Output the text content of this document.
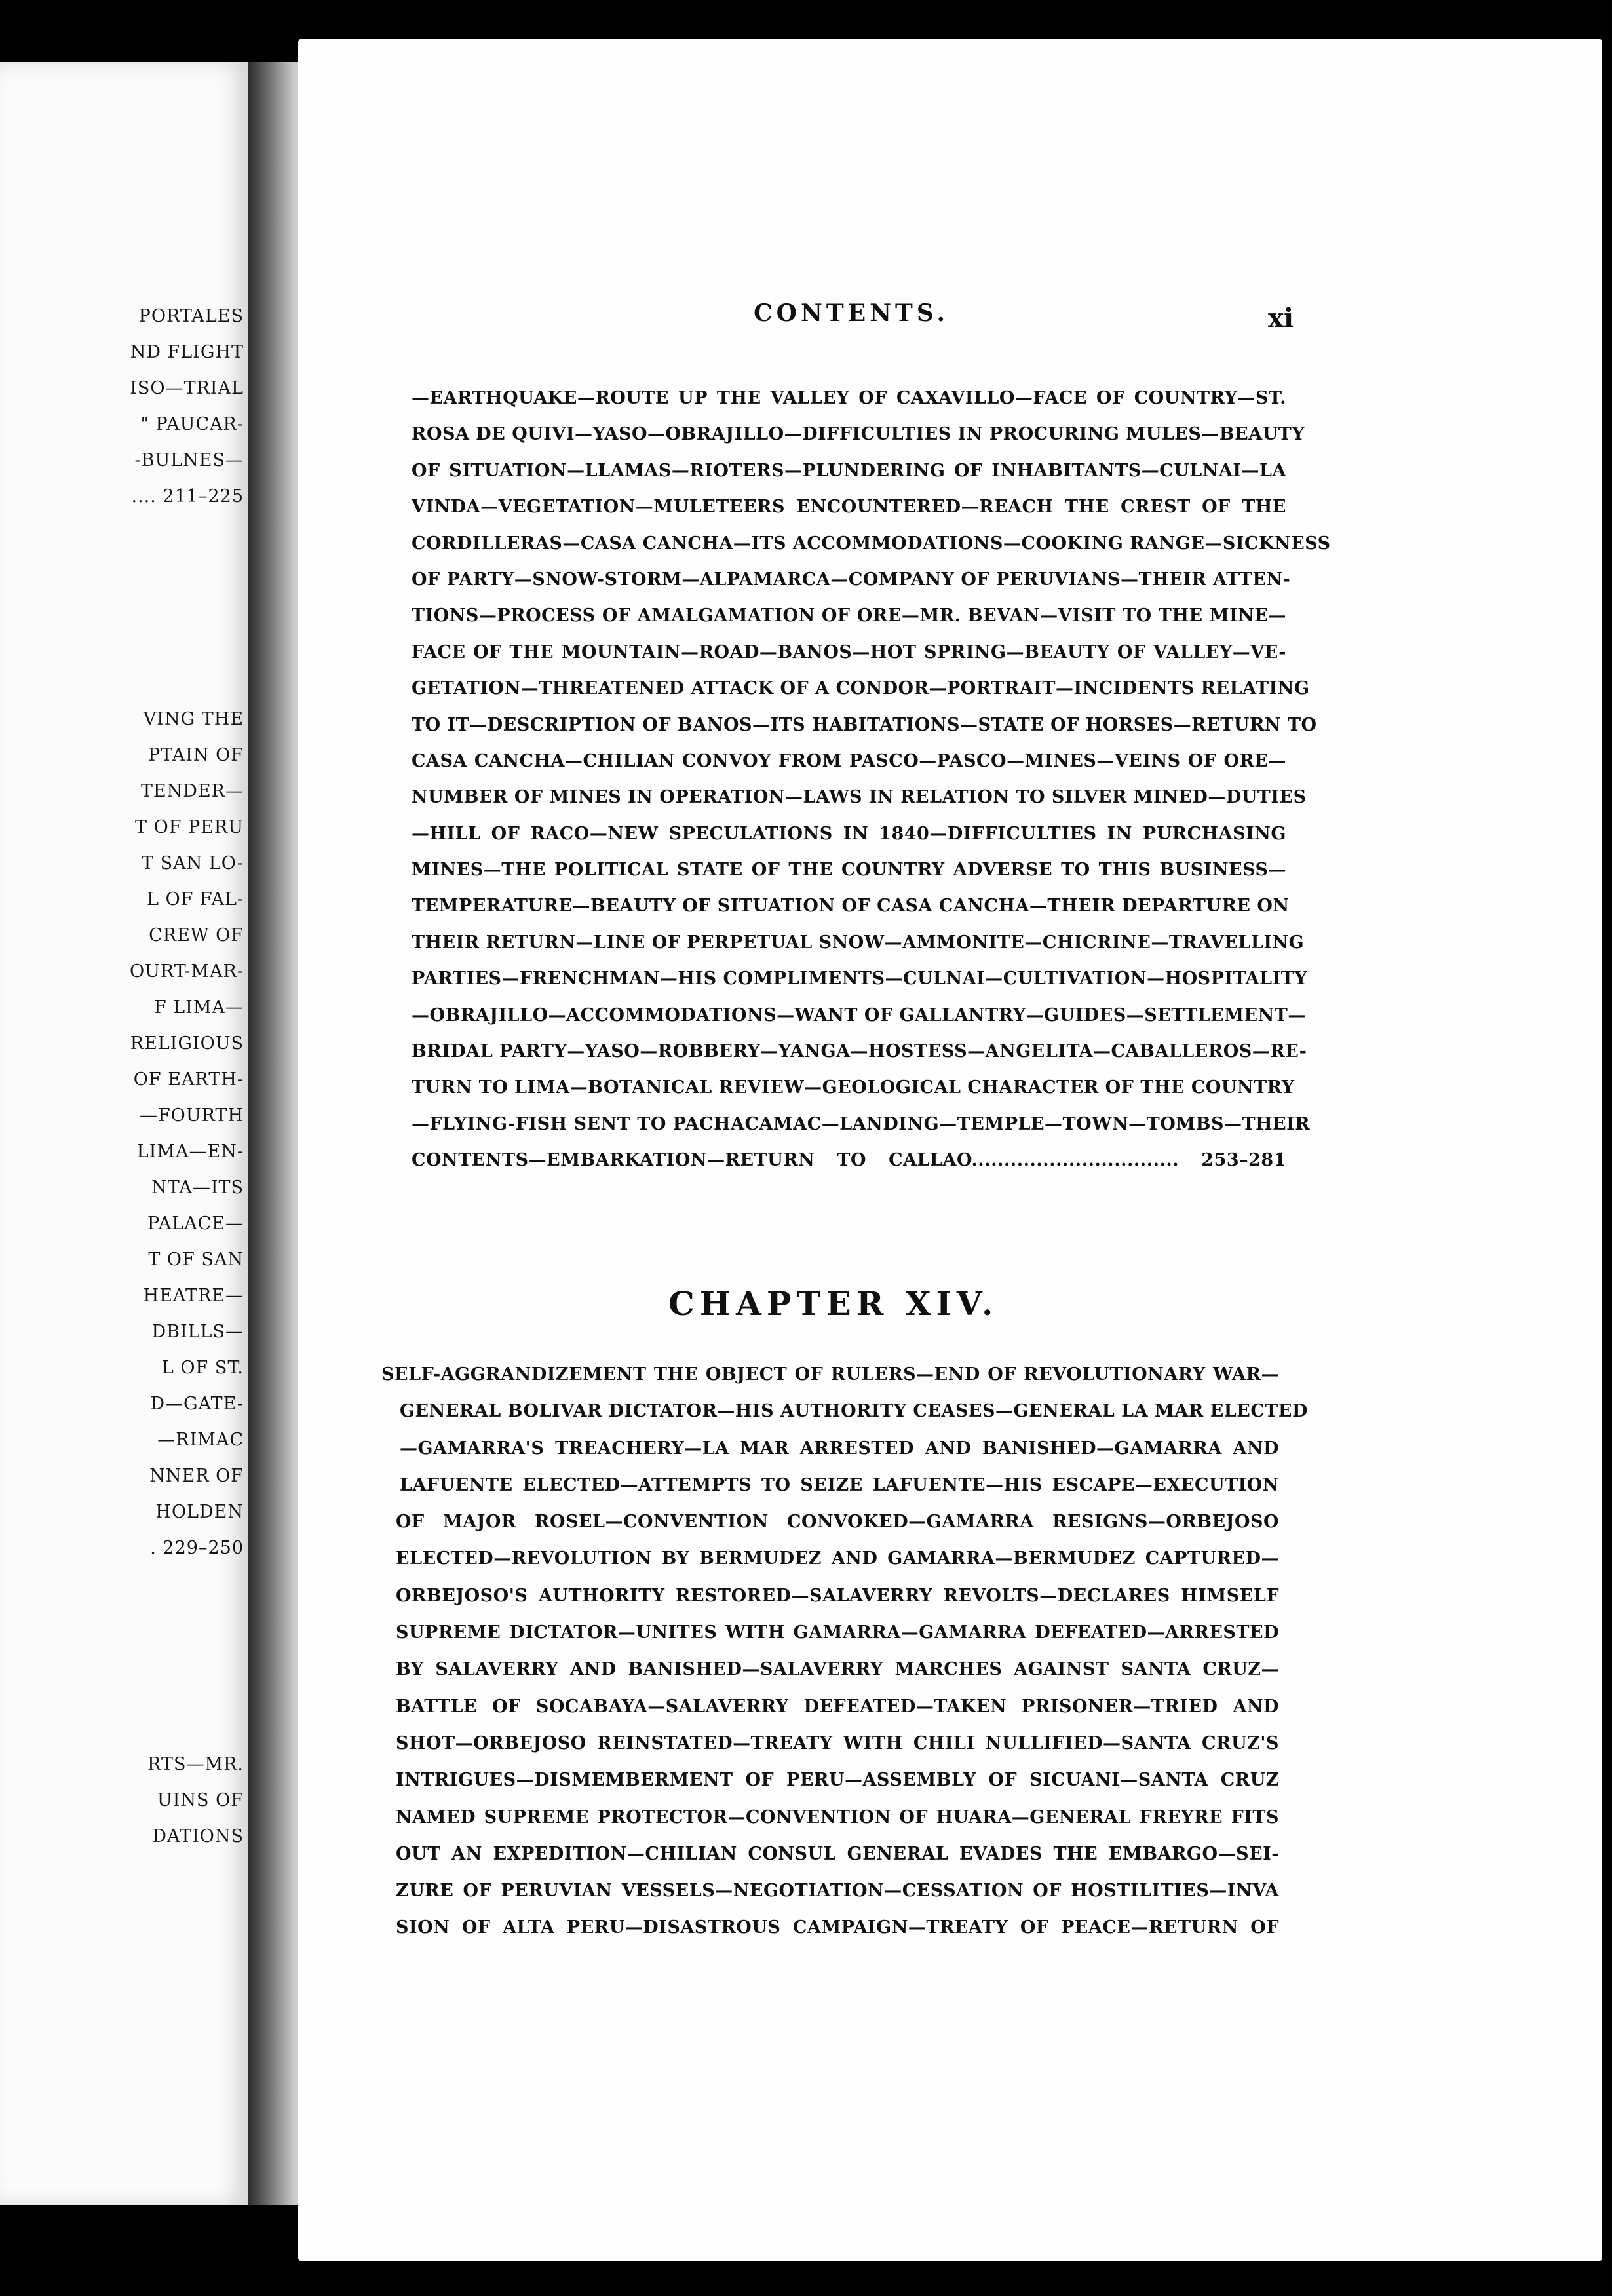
PORTALES

ND FLIGHT

ISO—TRIAL

" PAUCAR-

-BULNES—

.... 211–225

VING THE

PTAIN OF

TENDER—

T OF PERU

T SAN LO-

L OF FAL-

CREW OF

OURT-MAR-

F LIMA—

RELIGIOUS

OF EARTH-

—FOURTH

LIMA—EN-

NTA—ITS

PALACE—

T OF SAN

HEATRE—

DBILLS—

L OF ST.

D—GATE-

—RIMAC

NNER OF

HOLDEN

. 229–250

RTS—MR.

UINS OF

DATIONS

CONTENTS.	xi

—EARTHQUAKE—ROUTE UP THE VALLEY OF CAXAVILLO—FACE OF COUNTRY—ST.
ROSA DE QUIVI—YASO—OBRAJILLO—DIFFICULTIES IN PROCURING MULES—BEAUTY
OF SITUATION—LLAMAS—RIOTERS—PLUNDERING OF INHABITANTS—CULNAI—LA
VINDA—VEGETATION—MULETEERS ENCOUNTERED—REACH THE CREST OF THE
CORDILLERAS—CASA CANCHA—ITS ACCOMMODATIONS—COOKING RANGE—SICKNESS
OF PARTY—SNOW-STORM—ALPAMARCA—COMPANY OF PERUVIANS—THEIR ATTEN-
TIONS—PROCESS OF AMALGAMATION OF ORE—MR. BEVAN—VISIT TO THE MINE—
FACE OF THE MOUNTAIN—ROAD—BANOS—HOT SPRING—BEAUTY OF VALLEY—VE-
GETATION—THREATENED ATTACK OF A CONDOR—PORTRAIT—INCIDENTS RELATING
TO IT—DESCRIPTION OF BANOS—ITS HABITATIONS—STATE OF HORSES—RETURN TO
CASA CANCHA—CHILIAN CONVOY FROM PASCO—PASCO—MINES—VEINS OF ORE—
NUMBER OF MINES IN OPERATION—LAWS IN RELATION TO SILVER MINED—DUTIES
—HILL OF RACO—NEW SPECULATIONS IN 1840—DIFFICULTIES IN PURCHASING
MINES—THE POLITICAL STATE OF THE COUNTRY ADVERSE TO THIS BUSINESS—
TEMPERATURE—BEAUTY OF SITUATION OF CASA CANCHA—THEIR DEPARTURE ON
THEIR RETURN—LINE OF PERPETUAL SNOW—AMMONITE—CHICRINE—TRAVELLING
PARTIES—FRENCHMAN—HIS COMPLIMENTS—CULNAI—CULTIVATION—HOSPITALITY
—OBRAJILLO—ACCOMMODATIONS—WANT OF GALLANTRY—GUIDES—SETTLEMENT—
BRIDAL PARTY—YASO—ROBBERY—YANGA—HOSTESS—ANGELITA—CABALLEROS—RE-
TURN TO LIMA—BOTANICAL REVIEW—GEOLOGICAL CHARACTER OF THE COUNTRY
—FLYING-FISH SENT TO PACHACAMAC—LANDING—TEMPLE—TOWN—TOMBS—THEIR
CONTENTS—EMBARKATION—RETURN TO CALLAO................................ 253–281

CHAPTER XIV.

SELF-AGGRANDIZEMENT THE OBJECT OF RULERS—END OF REVOLUTIONARY WAR—
GENERAL BOLIVAR DICTATOR—HIS AUTHORITY CEASES—GENERAL LA MAR ELECTED
—GAMARRA'S TREACHERY—LA MAR ARRESTED AND BANISHED—GAMARRA AND
LAFUENTE ELECTED—ATTEMPTS TO SEIZE LAFUENTE—HIS ESCAPE—EXECUTION
OF MAJOR ROSEL—CONVENTION CONVOKED—GAMARRA RESIGNS—ORBEJOSO
ELECTED—REVOLUTION BY BERMUDEZ AND GAMARRA—BERMUDEZ CAPTURED—
ORBEJOSO'S AUTHORITY RESTORED—SALAVERRY REVOLTS—DECLARES HIMSELF
SUPREME DICTATOR—UNITES WITH GAMARRA—GAMARRA DEFEATED—ARRESTED
BY SALAVERRY AND BANISHED—SALAVERRY MARCHES AGAINST SANTA CRUZ—
BATTLE OF SOCABAYA—SALAVERRY DEFEATED—TAKEN PRISONER—TRIED AND
SHOT—ORBEJOSO REINSTATED—TREATY WITH CHILI NULLIFIED—SANTA CRUZ'S
INTRIGUES—DISMEMBERMENT OF PERU—ASSEMBLY OF SICUANI—SANTA CRUZ
NAMED SUPREME PROTECTOR—CONVENTION OF HUARA—GENERAL FREYRE FITS
OUT AN EXPEDITION—CHILIAN CONSUL GENERAL EVADES THE EMBARGO—SEI-
ZURE OF PERUVIAN VESSELS—NEGOTIATION—CESSATION OF HOSTILITIES—INVA
SION OF ALTA PERU—DISASTROUS CAMPAIGN—TREATY OF PEACE—RETURN OF
